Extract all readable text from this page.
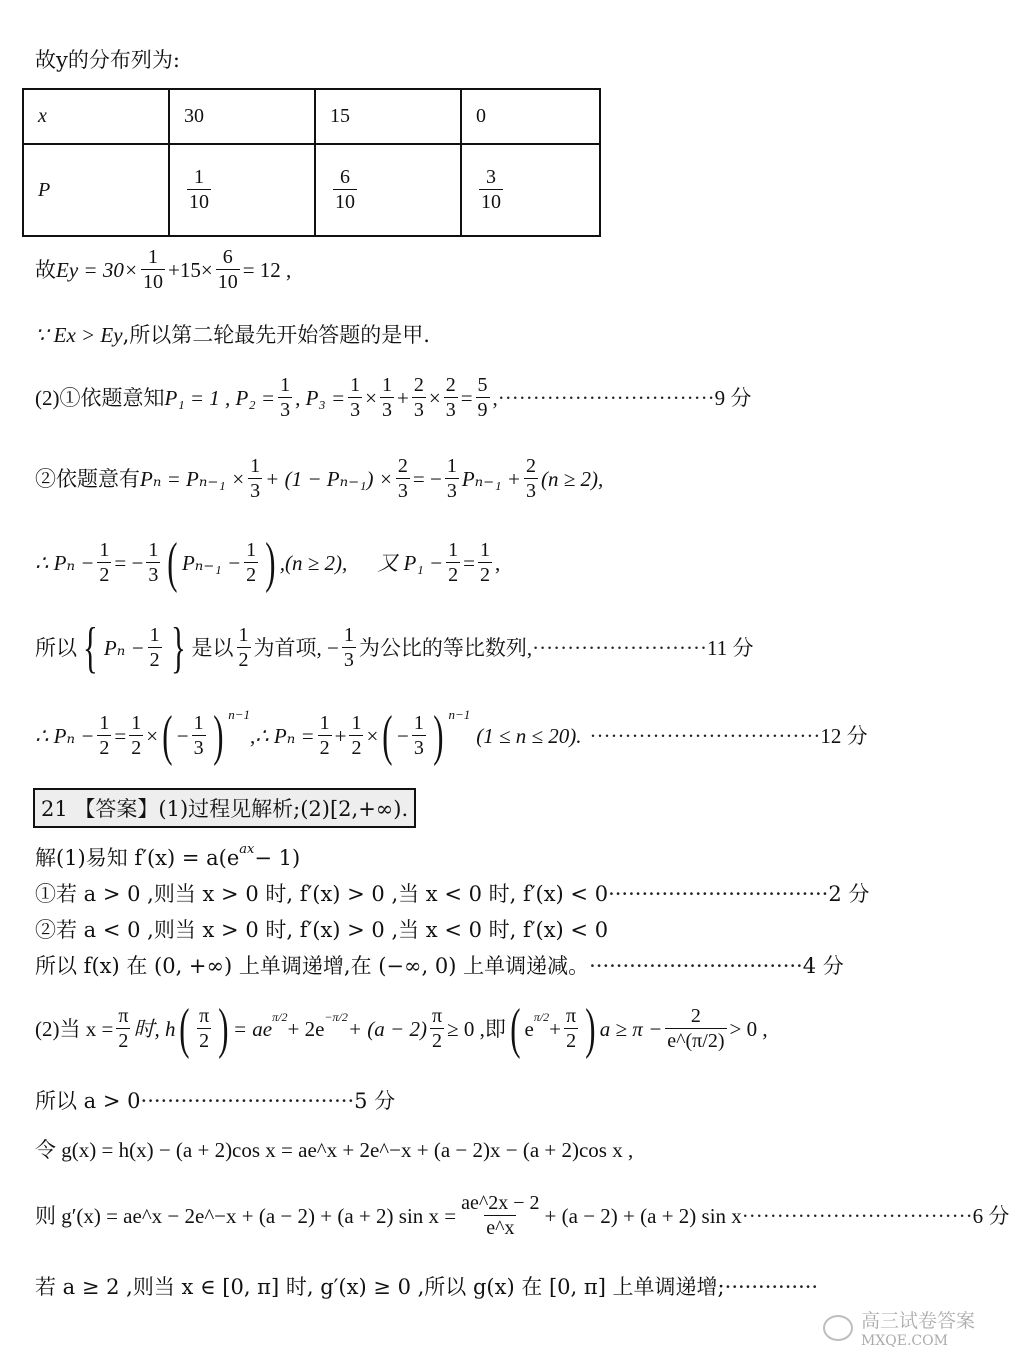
故y的分布列为:
x	30	15	0
P	$\frac{1}{10}$	$\frac{6}{10}$	$\frac{3}{10}$
故 $Ey = 30\times \frac{1}{10} +15\times \frac{6}{10} = 12$ ,
∵ Ex > Ey ,所以第二轮最先开始答题的是甲.
(2)①依题意知 P₁ = 1 , $P_2 = \frac{1}{3}$ , $P_3 = \frac{1}{3} \times \frac{1}{3} + \frac{2}{3} \times \frac{2}{3} = \frac{5}{9}$ ,······························· 9 分
②依题意有 $P_n = P_{n-1} \times \frac{1}{3} + (1 - P_{n-1}) \times \frac{2}{3}$ = − $\frac{1}{3} P_{n-1} + \frac{2}{3} (n \ge 2)$,
∴ $P_n - \frac{1}{2}$ = − $\frac{1}{3}$ ( $P_{n-1} - \frac{1}{2}$ ) ,(n ≥ 2), 又 $P_1 - \frac{1}{2} = \frac{1}{2}$ ,
所以 { $P_n - \frac{1}{2}$ } 是以 $\frac{1}{2}$ 为首项, − $\frac{1}{3}$ 为公比的等比数列, ························· 11 分
∴ $P_n - \frac{1}{2} = \frac{1}{2}$ × ( − $\frac{1}{3}$ ) n−1
,∴ $P_n = \frac{1}{2} + \frac{1}{2}$ × ( − $\frac{1}{3}$ ) n−1
(1 ≤ n ≤ 20). ································· 12 分
21 【答案】(1)过程见解析;(2)[2,+∞).
解(1)易知 f′(x) = a(e ax − 1)
①若 a > 0 ,则当 x > 0 时, f′(x) > 0 ,当 x < 0 时, f′(x) < 0 ································· 2 分
②若 a < 0 ,则当 x > 0 时, f′(x) > 0 ,当 x < 0 时, f′(x) < 0
所以 f(x) 在 (0, +∞) 上单调递增,在 (−∞, 0) 上单调递减。 ································ 4 分
(2)当 $x = \frac{\pi}{2}$ 时, h ( $\frac{\pi}{2}$ ) = ae $\pi/2 + 2e -\pi/2 + (a - 2) \frac{\pi}{2} \ge 0$ ,即 ( e $\pi/2 + \frac{\pi}{2}$ ) $a \ge \pi - \frac{2}{e\^{}(\pi/2)} > 0$ ,
所以 a > 0 ································ 5 分
令 g(x) = h(x) − (a + 2)cos x = ae^x + 2e^−x + (a − 2)x − (a + 2)cos x ,
则 g′(x) = ae^x − 2e^−x + (a − 2) + (a + 2) $\sin x = \frac{ae\^{}2x - 2}{e\^{}x} + (a - 2) + (a + 2)$ sin x ································· 6 分
若 a ≥ 2 ,则当 x ∈ [0, π] 时, g′(x) ≥ 0 ,所以 g(x) 在 [0, π] 上单调递增; ··············
高三试卷答案
MXQE.COM
